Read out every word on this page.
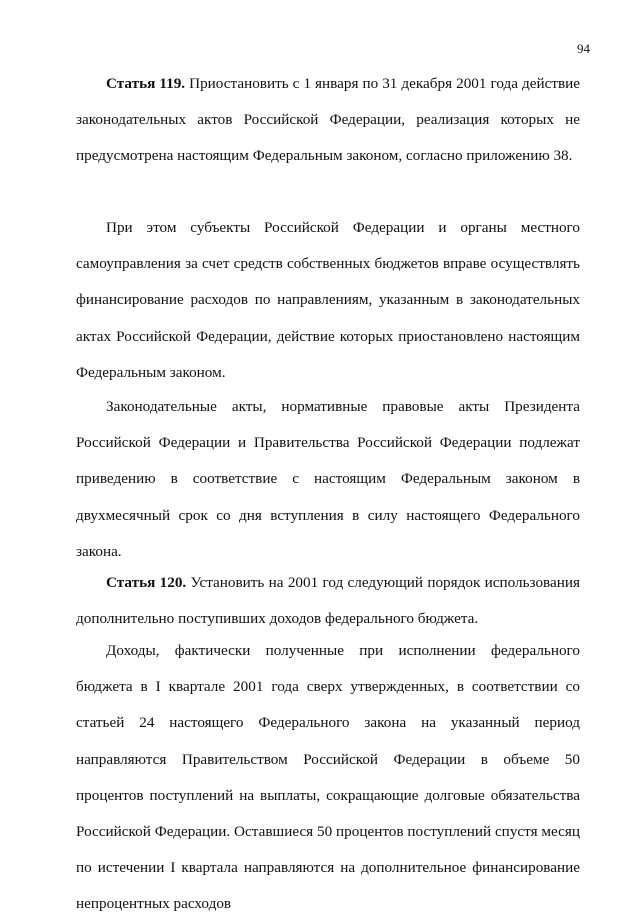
94

Статья 119. Приостановить с 1 января по 31 декабря 2001 года действие законодательных актов Российской Федерации, реализация которых не предусмотрена настоящим Федеральным законом, согласно приложению 38.

При этом субъекты Российской Федерации и органы местного самоуправления за счет средств собственных бюджетов вправе осуществлять финансирование расходов по направлениям, указанным в законодательных актах Российской Федерации, действие которых приостановлено настоящим Федеральным законом.

Законодательные акты, нормативные правовые акты Президента Российской Федерации и Правительства Российской Федерации подлежат приведению в соответствие с настоящим Федеральным законом в двухмесячный срок со дня вступления в силу настоящего Федерального закона.

Статья 120. Установить на 2001 год следующий порядок использования дополнительно поступивших доходов федерального бюджета.

Доходы, фактически полученные при исполнении федерального бюджета в I квартале 2001 года сверх утвержденных, в соответствии со статьей 24 настоящего Федерального закона на указанный период направляются Правительством Российской Федерации в объеме 50 процентов поступлений на выплаты, сокращающие долговые обязательства Российской Федерации. Оставшиеся 50 процентов поступлений спустя месяц по истечении I квартала направляются на дополнительное финансирование непроцентных расходов
